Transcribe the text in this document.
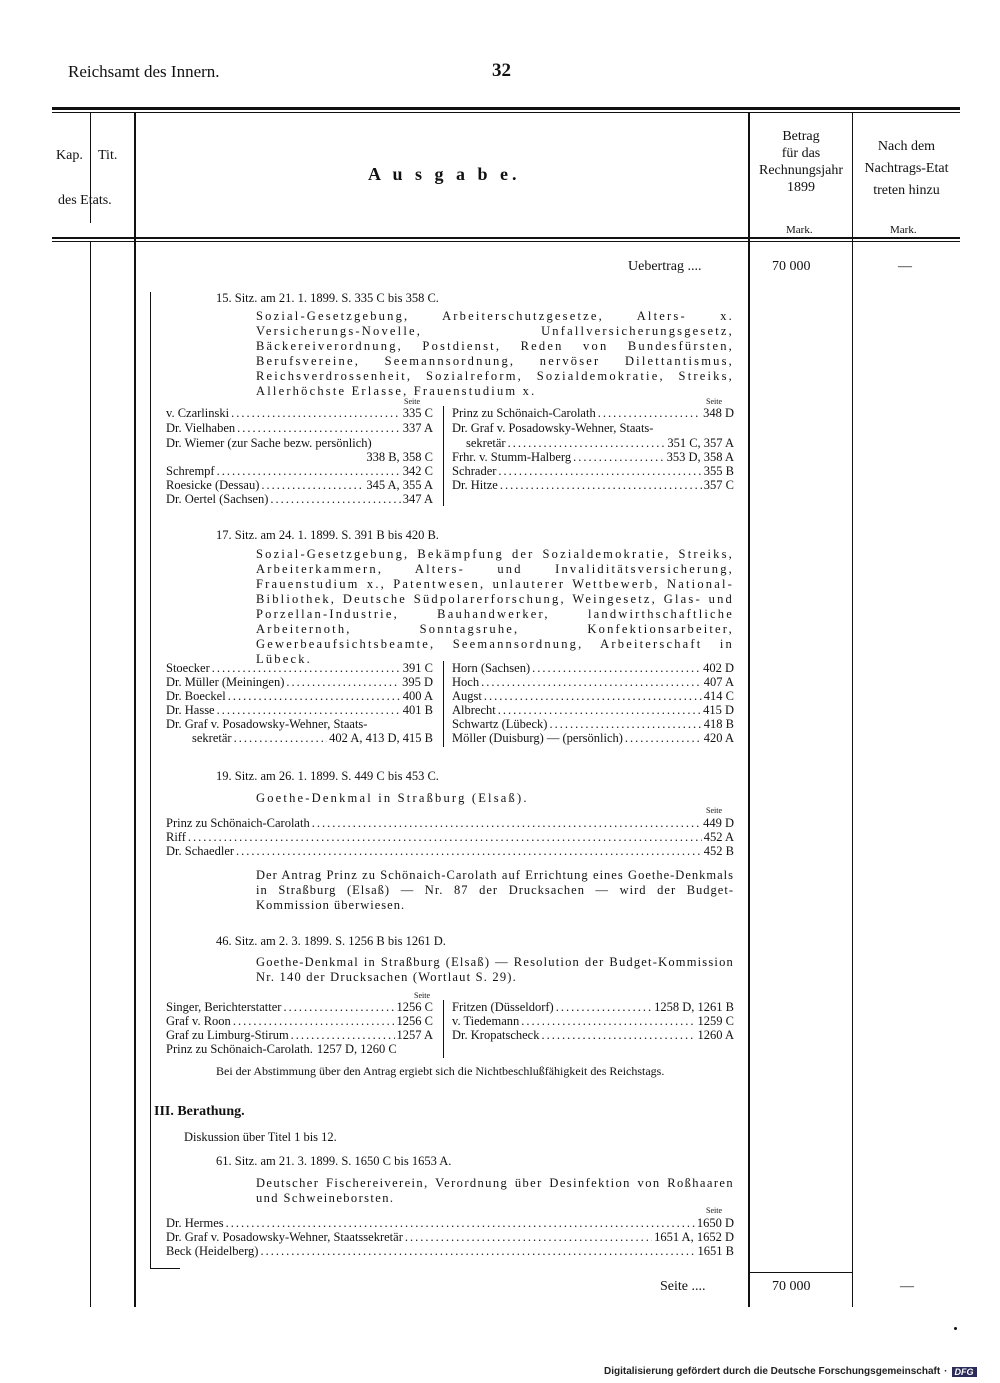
Reichsamt des Innern.	32
Kap. Tit.
des Etats.
A u s g a b e.
Betrag
für das
Rechnungsjahr
1899
Nach dem
Nachtrags-Etat
treten hinzu
Mark.	Mark.
Uebertrag ....	70 000	—
15. Sitz. am 21. 1. 1899. S. 335 C bis 358 C.
Sozial-Gesetzgebung, Arbeiterschutzgesetze, Alters- x. Versicherungs-Novelle, Unfallversicherungsgesetz, Bäckereiverordnung, Postdienst, Reden von Bundesfürsten, Berufsvereine, Seemannsordnung, nervöser Dilettantismus, Reichsverdrossenheit, Sozialreform, Sozialdemokratie, Streiks, Allerhöchste Erlasse, Frauenstudium x.
Seite	Seite
v. Czarlinski .....	335 C
Dr. Vielhaben .....	337 A
Dr. Wiemer (zur Sache bezw. persönlich)
338 B, 358 C
Schrempf .....	342 C
Roesicke (Dessau) .....	345 A, 355 A
Dr. Oertel (Sachsen) .....	347 A
Prinz zu Schönaich-Carolath .....	348 D
Dr. Graf v. Posadowsky-Wehner, Staats-
sekretär .....	351 C, 357 A
Frhr. v. Stumm-Halberg .....	353 D, 358 A
Schrader .....	355 B
Dr. Hitze .....	357 C
17. Sitz. am 24. 1. 1899. S. 391 B bis 420 B.
Sozial-Gesetzgebung, Bekämpfung der Sozialdemokratie, Streiks, Arbeiterkammern, Alters- und Invaliditätsversicherung, Frauenstudium x., Patentwesen, unlauterer Wettbewerb, National-Bibliothek, Deutsche Südpolarerforschung, Weingesetz, Glas- und Porzellan-Industrie, Bauhandwerker, landwirthschaftliche Arbeiternoth, Sonntagsruhe, Konfektionsarbeiter, Gewerbeaufsichtsbeamte, Seemannsordnung, Arbeiterschaft in Lübeck.
Stoecker .....	391 C
Dr. Müller (Meiningen) .....	395 D
Dr. Boeckel .....	400 A
Dr. Hasse .....	401 B
Dr. Graf v. Posadowsky-Wehner, Staats-
sekretär .....	402 A, 413 D, 415 B
Horn (Sachsen) .....	402 D
Hoch .....	407 A
Augst .....	414 C
Albrecht .....	415 D
Schwartz (Lübeck) .....	418 B
Möller (Duisburg) — (persönlich) .....	420 A
19. Sitz. am 26. 1. 1899. S. 449 C bis 453 C.
Goethe-Denkmal in Straßburg (Elsaß).
Seite
Prinz zu Schönaich-Carolath .....	449 D
Riff .....	452 A
Dr. Schaedler .....	452 B
Der Antrag Prinz zu Schönaich-Carolath auf Errichtung eines Goethe-Denkmals in Straßburg (Elsaß) — Nr. 87 der Drucksachen — wird der Budget-Kommission überwiesen.
46. Sitz. am 2. 3. 1899. S. 1256 B bis 1261 D.
Goethe-Denkmal in Straßburg (Elsaß) — Resolution der Budget-Kommission Nr. 140 der Drucksachen (Wortlaut S. 29).
Seite
Singer, Berichterstatter .....	1256 C
Graf v. Roon .....	1256 C
Graf zu Limburg-Stirum .....	1257 A
Prinz zu Schönaich-Carolath. 1257 D, 1260 C
Fritzen (Düsseldorf) .....	1258 D, 1261 B
v. Tiedemann .....	1259 C
Dr. Kropatscheck .....	1260 A
Bei der Abstimmung über den Antrag ergiebt sich die Nichtbeschlußfähigkeit des Reichstags.
III. Berathung.
Diskussion über Titel 1 bis 12.
61. Sitz. am 21. 3. 1899. S. 1650 C bis 1653 A.
Deutscher Fischereiverein, Verordnung über Desinfektion von Roßhaaren und Schweineborsten.
Seite
Dr. Hermes .....	1650 D
Dr. Graf v. Posadowsky-Wehner, Staatssekretär .....	1651 A, 1652 D
Beck (Heidelberg) .....	1651 B
Seite ....	70 000	—
Digitalisierung gefördert durch die Deutsche Forschungsgemeinschaft · DFG
